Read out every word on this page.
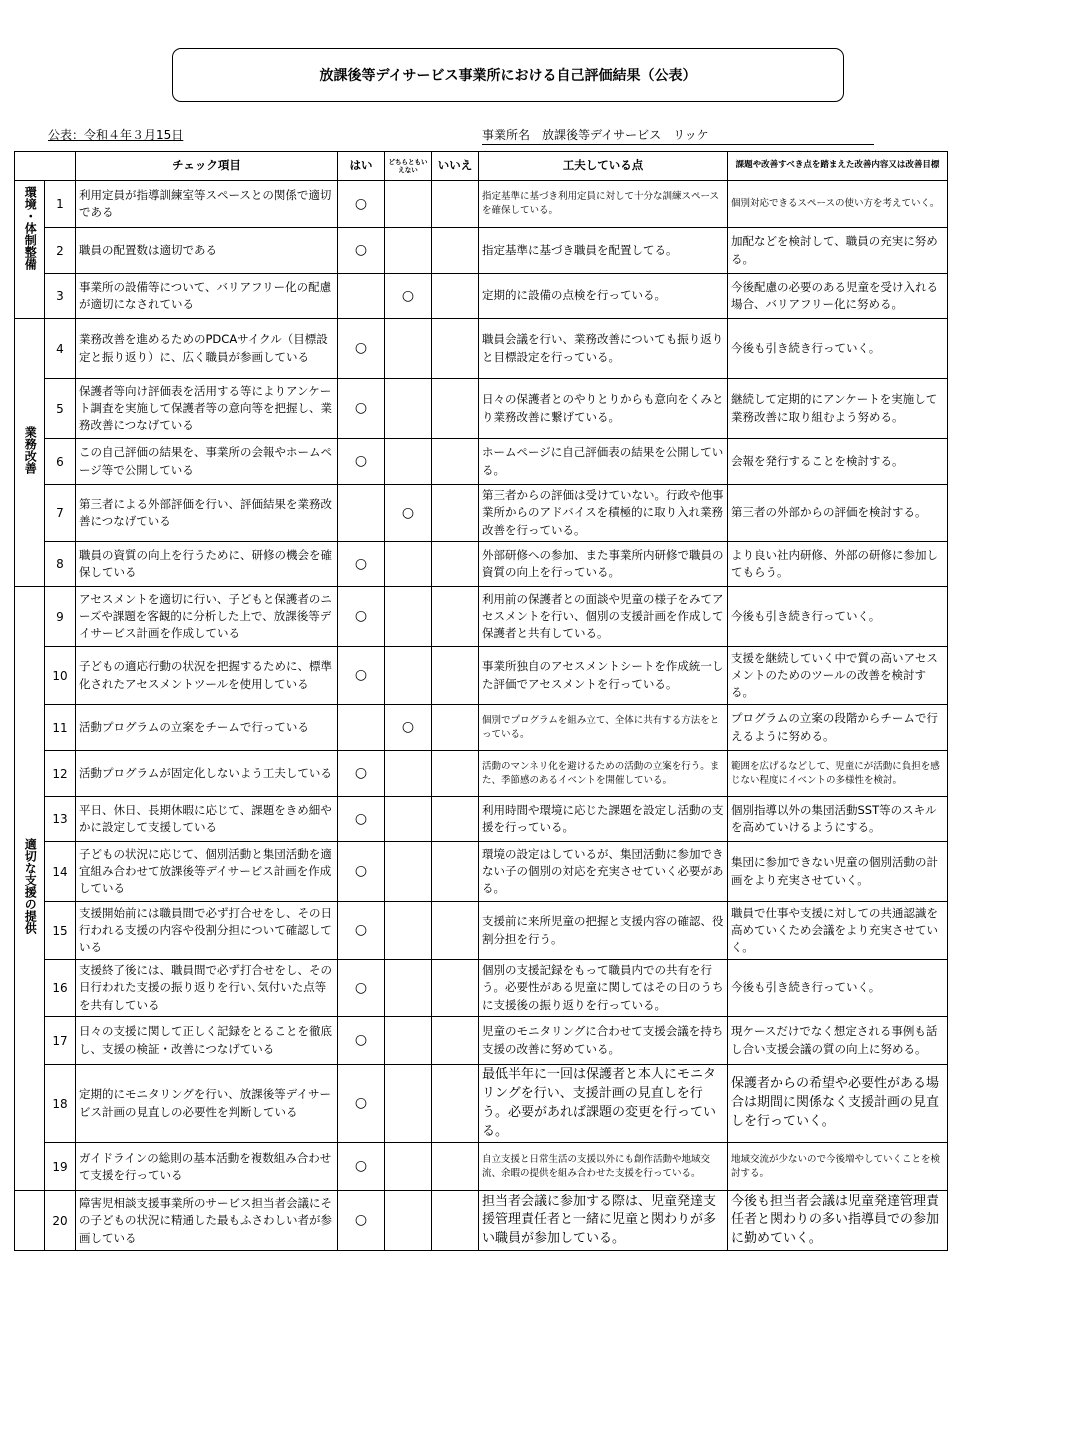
放課後等デイサービス事業所における自己評価結果（公表）
公表：令和４年３月15日	事業所名　放課後等デイサービス　リッケ
		チェック項目	はい	どちらともいえない	いいえ	工夫している点	課題や改善すべき点を踏まえた改善内容又は改善目標
環境・体制整備	1	利用定員が指導訓練室等スペースとの関係で適切である	○			指定基準に基づき利用定員に対して十分な訓練スペースを確保している。	個別対応できるスペースの使い方を考えていく。
	2	職員の配置数は適切である	○			指定基準に基づき職員を配置してる。	加配などを検討して、職員の充実に努める。
	3	事業所の設備等について、バリアフリー化の配慮が適切になされている		○		定期的に設備の点検を行っている。	今後配慮の必要のある児童を受け入れる場合、バリアフリー化に努める。
業務改善	4	業務改善を進めるためのPDCAサイクル（目標設定と振り返り）に、広く職員が参画している	○			職員会議を行い、業務改善についても振り返りと目標設定を行っている。	今後も引き続き行っていく。
	5	保護者等向け評価表を活用する等によりアンケート調査を実施して保護者等の意向等を把握し、業務改善につなげている	○			日々の保護者とのやりとりからも意向をくみとり業務改善に繋げている。	継続して定期的にアンケートを実施して業務改善に取り組むよう努める。
	6	この自己評価の結果を、事業所の会報やホームページ等で公開している	○			ホームページに自己評価表の結果を公開している。	会報を発行することを検討する。
	7	第三者による外部評価を行い、評価結果を業務改善につなげている		○		第三者からの評価は受けていない。行政や他事業所からのアドバイスを積極的に取り入れ業務改善を行っている。	第三者の外部からの評価を検討する。
	8	職員の資質の向上を行うために、研修の機会を確保している	○			外部研修への参加、また事業所内研修で職員の資質の向上を行っている。	より良い社内研修、外部の研修に参加してもらう。
適切な支援の提供	9	アセスメントを適切に行い、子どもと保護者のニーズや課題を客観的に分析した上で、放課後等デイサービス計画を作成している	○			利用前の保護者との面談や児童の様子をみてアセスメントを行い、個別の支援計画を作成して保護者と共有している。	今後も引き続き行っていく。
	10	子どもの適応行動の状況を把握するために、標準化されたアセスメントツールを使用している	○			事業所独自のアセスメントシートを作成統一した評価でアセスメントを行っている。	支援を継続していく中で質の高いアセスメントのためのツールの改善を検討する。
	11	活動プログラムの立案をチームで行っている		○		個別でプログラムを組み立て、全体に共有する方法をとっている。	プログラムの立案の段階からチームで行えるように努める。
	12	活動プログラムが固定化しないよう工夫している	○			活動のマンネリ化を避けるための活動の立案を行う。また、季節感のあるイベントを開催している。	範囲を広げるなどして、児童にが活動に負担を感じない程度にイベントの多様性を検討。
	13	平日、休日、長期休暇に応じて、課題をきめ細やかに設定して支援している	○			利用時間や環境に応じた課題を設定し活動の支援を行っている。	個別指導以外の集団活動SST等のスキルを高めていけるようにする。
	14	子どもの状況に応じて、個別活動と集団活動を適宜組み合わせて放課後等デイサービス計画を作成している	○			環境の設定はしているが、集団活動に参加できない子の個別の対応を充実させていく必要がある。	集団に参加できない児童の個別活動の計画をより充実させていく。
	15	支援開始前には職員間で必ず打合せをし、その日行われる支援の内容や役割分担について確認している	○			支援前に来所児童の把握と支援内容の確認、役割分担を行う。	職員で仕事や支援に対しての共通認識を高めていくため会議をより充実させていく。
	16	支援終了後には、職員間で必ず打合せをし、その日行われた支援の振り返りを行い､気付いた点等を共有している	○			個別の支援記録をもって職員内での共有を行う。必要性がある児童に関してはその日のうちに支援後の振り返りを行っている。	今後も引き続き行っていく。
	17	日々の支援に関して正しく記録をとることを徹底し、支援の検証・改善につなげている	○			児童のモニタリングに合わせて支援会議を持ち支援の改善に努めている。	現ケースだけでなく想定される事例も話し合い支援会議の質の向上に努める。
	18	定期的にモニタリングを行い、放課後等デイサービス計画の見直しの必要性を判断している	○			最低半年に一回は保護者と本人にモニタリングを行い、支援計画の見直しを行う。必要があれば課題の変更を行っている。	保護者からの希望や必要性がある場合は期間に関係なく支援計画の見直しを行っていく。
	19	ガイドラインの総則の基本活動を複数組み合わせて支援を行っている	○			自立支援と日常生活の支援以外にも創作活動や地域交流、余暇の提供を組み合わせた支援を行っている。	地域交流が少ないので今後増やしていくことを検討する。
	20	障害児相談支援事業所のサービス担当者会議にその子どもの状況に精通した最もふさわしい者が参画している	○			担当者会議に参加する際は、児童発達支援管理責任者と一緒に児童と関わりが多い職員が参加している。	今後も担当者会議は児童発達管理責任者と関わりの多い指導員での参加に勤めていく。
